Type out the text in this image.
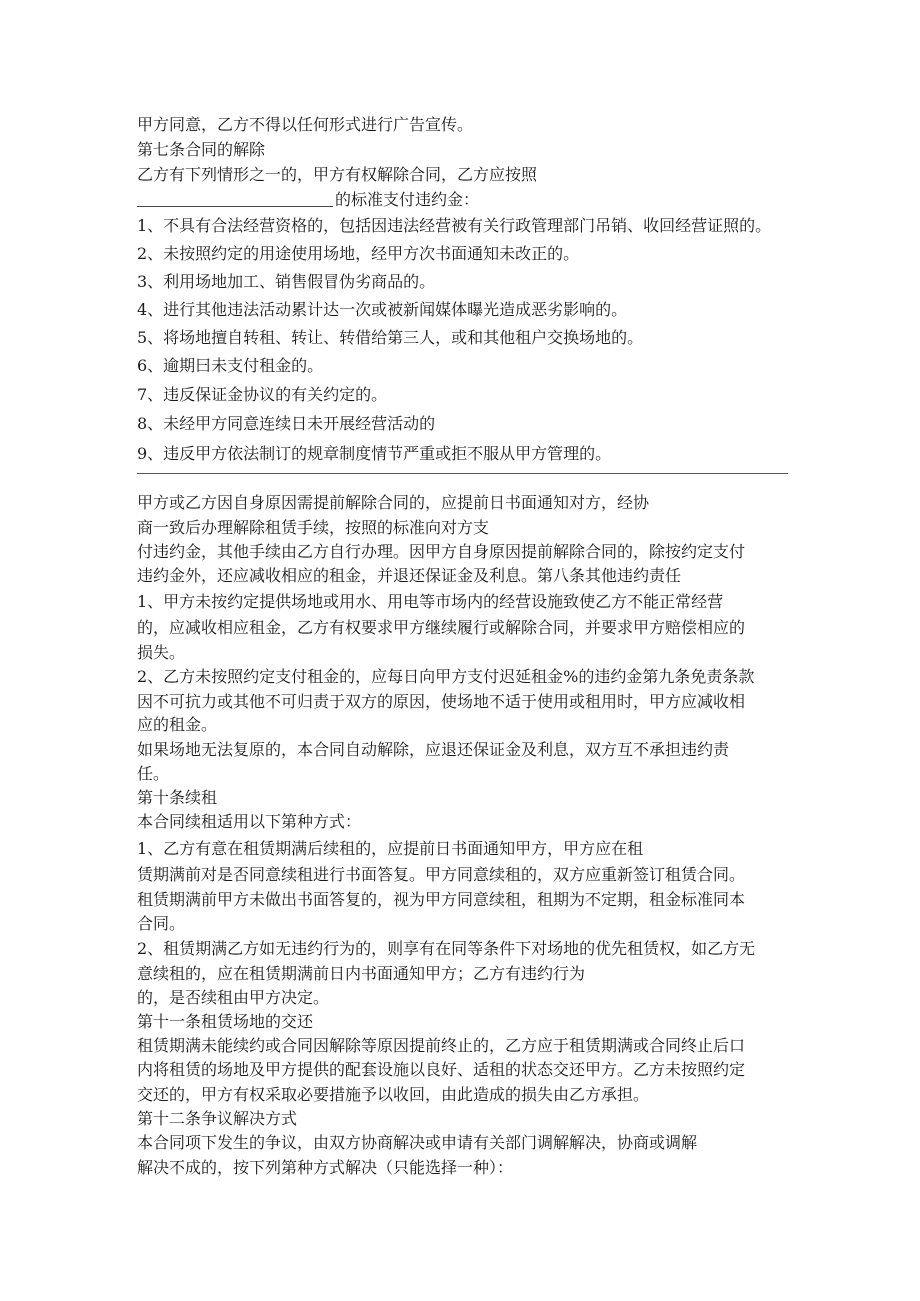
甲方同意，乙方不得以任何形式进行广告宣传。
第七条合同的解除
乙方有下列情形之一的，甲方有权解除合同，乙方应按照
的标准支付违约金：
1、不具有合法经营资格的，包括因违法经营被有关行政管理部门吊销、收回经营证照的。
2、未按照约定的用途使用场地，经甲方次书面通知未改正的。
3、利用场地加工、销售假冒伪劣商品的。
4、进行其他违法活动累计达一次或被新闻媒体曝光造成恶劣影响的。
5、将场地擅自转租、转让、转借给第三人，或和其他租户交换场地的。
6、逾期曰未支付租金的。
7、违反保证金协议的有关约定的。
8、未经甲方同意连续日未开展经营活动的
9、违反甲方依法制订的规章制度情节严重或拒不服从甲方管理的。
甲方或乙方因自身原因需提前解除合同的，应提前日书面通知对方，经协
商一致后办理解除租赁手续，按照的标准向对方支
付违约金，其他手续由乙方自行办理。因甲方自身原因提前解除合同的，除按约定支付
违约金外，还应减收相应的租金，并退还保证金及利息。第八条其他违约责任
1、甲方未按约定提供场地或用水、用电等市场内的经营设施致使乙方不能正常经营
的，应减收相应租金，乙方有权要求甲方继续履行或解除合同，并要求甲方赔偿相应的
损失。
2、乙方未按照约定支付租金的，应每日向甲方支付迟延租金%的违约金第九条免责条款
因不可抗力或其他不可归责于双方的原因，使场地不适于使用或租用时，甲方应减收相
应的租金。
如果场地无法复原的，本合同自动解除，应退还保证金及利息，双方互不承担违约责
任。
第十条续租
本合同续租适用以下第种方式：
1、乙方有意在租赁期满后续租的，应提前日书面通知甲方，甲方应在租
赁期满前对是否同意续租进行书面答复。甲方同意续租的，双方应重新签订租赁合同。
租赁期满前甲方未做出书面答复的，视为甲方同意续租，租期为不定期，租金标准同本
合同。
2、租赁期满乙方如无违约行为的，则享有在同等条件下对场地的优先租赁权，如乙方无
意续租的，应在租赁期满前日内书面通知甲方；乙方有违约行为
的，是否续租由甲方决定。
第十一条租赁场地的交还
租赁期满未能续约或合同因解除等原因提前终止的，乙方应于租赁期满或合同终止后口
内将租赁的场地及甲方提供的配套设施以良好、适租的状态交还甲方。乙方未按照约定
交还的，甲方有权采取必要措施予以收回，由此造成的损失由乙方承担。
第十二条争议解决方式
本合同项下发生的争议，由双方协商解决或申请有关部门调解解决，协商或调解
解决不成的，按下列第种方式解决（只能选择一种）：
